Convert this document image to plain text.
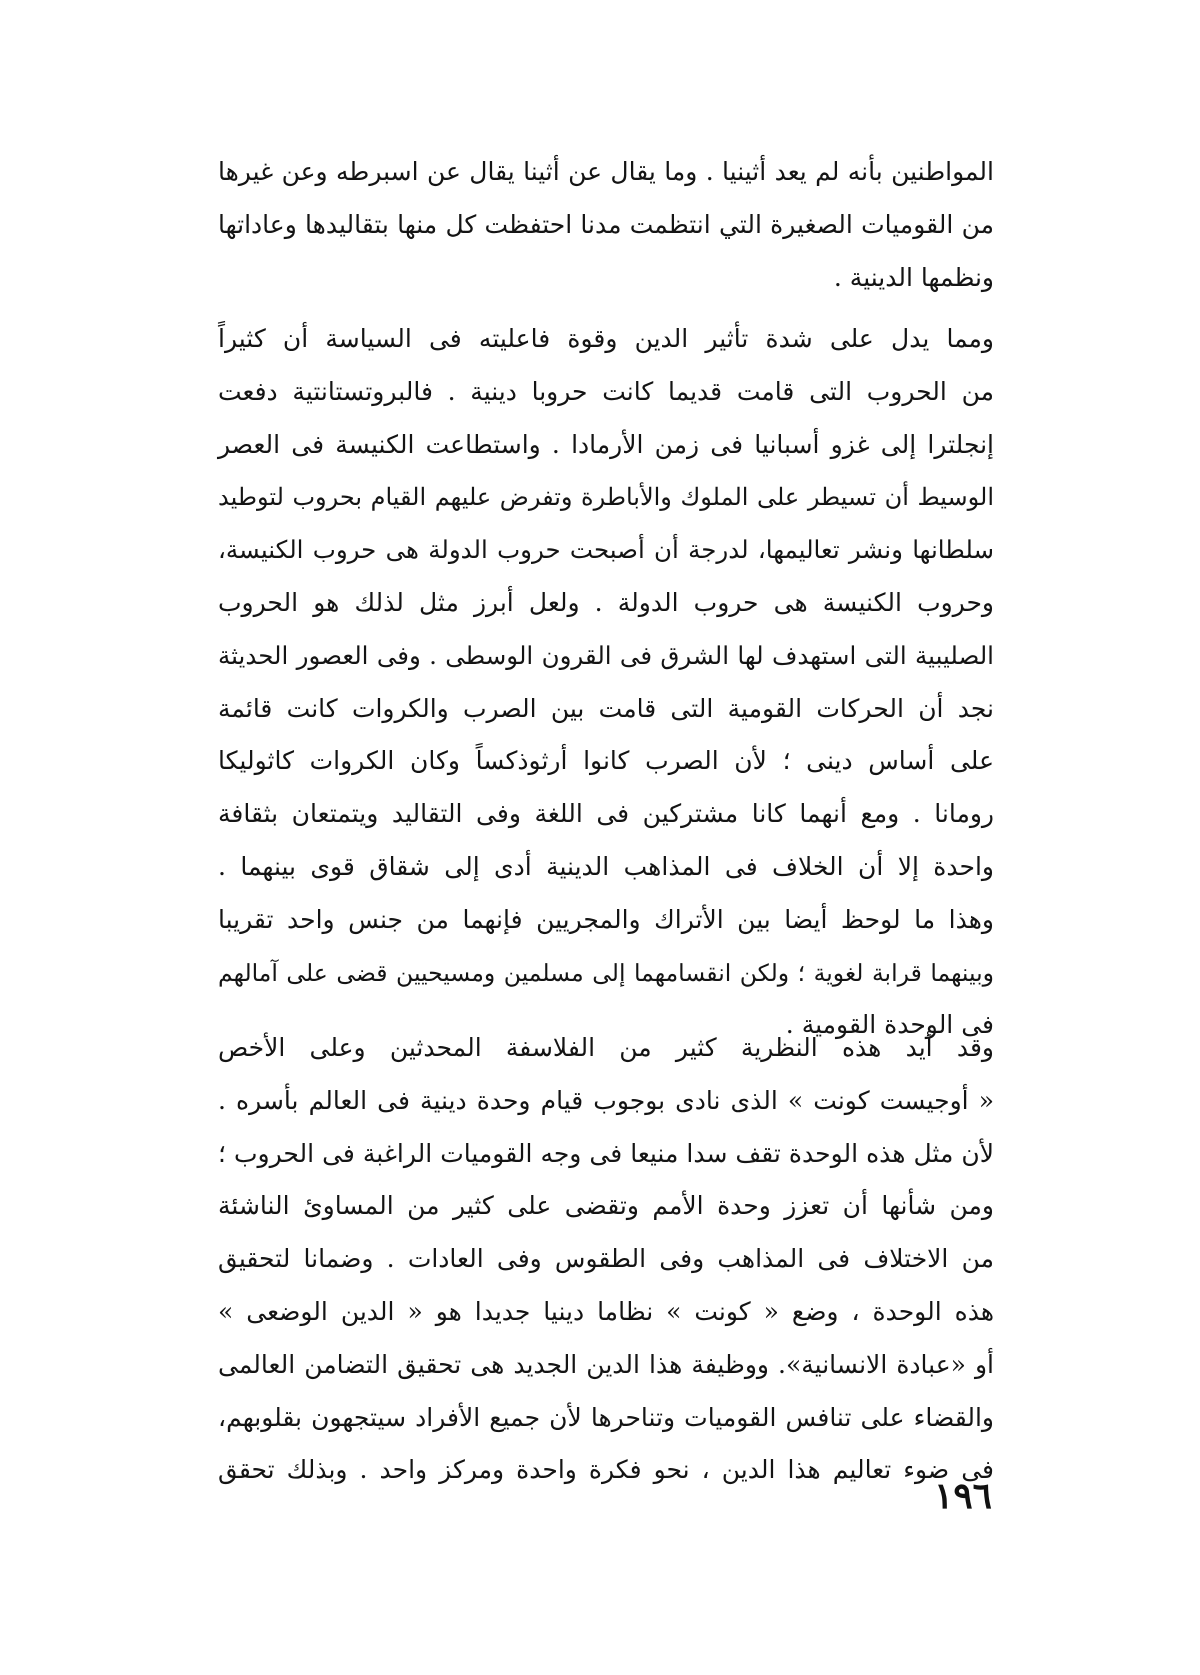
المواطنين بأنه لم يعد أثينيا . وما يقال عن أثينا يقال عن اسبرطه وعن غيرها
من القوميات الصغيرة التي انتظمت مدنا احتفظت كل منها بتقاليدها وعاداتها
ونظمها الدينية .
ومما يدل على شدة تأثير الدين وقوة فاعليته فى السياسة أن كثيراً
من الحروب التى قامت قديما كانت حروبا دينية . فالبروتستانتية دفعت
إنجلترا إلى غزو أسبانيا فى زمن الأرمادا . واستطاعت الكنيسة فى العصر
الوسيط أن تسيطر على الملوك والأباطرة وتفرض عليهم القيام بحروب لتوطيد
سلطانها ونشر تعاليمها، لدرجة أن أصبحت حروب الدولة هى حروب الكنيسة،
وحروب الكنيسة هى حروب الدولة . ولعل أبرز مثل لذلك هو الحروب
الصليبية التى استهدف لها الشرق فى القرون الوسطى . وفى العصور الحديثة
نجد أن الحركات القومية التى قامت بين الصرب والكروات كانت قائمة
على أساس دينى ؛ لأن الصرب كانوا أرثوذكساً وكان الكروات كاثوليكا
رومانا . ومع أنهما كانا مشتركين فى اللغة وفى التقاليد ويتمتعان بثقافة
واحدة إلا أن الخلاف فى المذاهب الدينية أدى إلى شقاق قوى بينهما .
وهذا ما لوحظ أيضا بين الأتراك والمجريين فإنهما من جنس واحد تقريبا
وبينهما قرابة لغوية ؛ ولكن انقسامهما إلى مسلمين ومسيحيين قضى على آمالهم
فى الوحدة القومية .
وقد أيد هذه النظرية كثير من الفلاسفة المحدثين وعلى الأخص
« أوجيست كونت » الذى نادى بوجوب قيام وحدة دينية فى العالم بأسره .
لأن مثل هذه الوحدة تقف سدا منيعا فى وجه القوميات الراغبة فى الحروب ؛
ومن شأنها أن تعزز وحدة الأمم وتقضى على كثير من المساوئ الناشئة
من الاختلاف فى المذاهب وفى الطقوس وفى العادات . وضمانا لتحقيق
هذه الوحدة ، وضع « كونت » نظاما دينيا جديدا هو « الدين الوضعى »
أو «عبادة الانسانية». ووظيفة هذا الدين الجديد هى تحقيق التضامن العالمى
والقضاء على تنافس القوميات وتناحرها لأن جميع الأفراد سيتجهون بقلوبهم،
فى ضوء تعاليم هذا الدين ، نحو فكرة واحدة ومركز واحد . وبذلك تحقق
١٩٦
